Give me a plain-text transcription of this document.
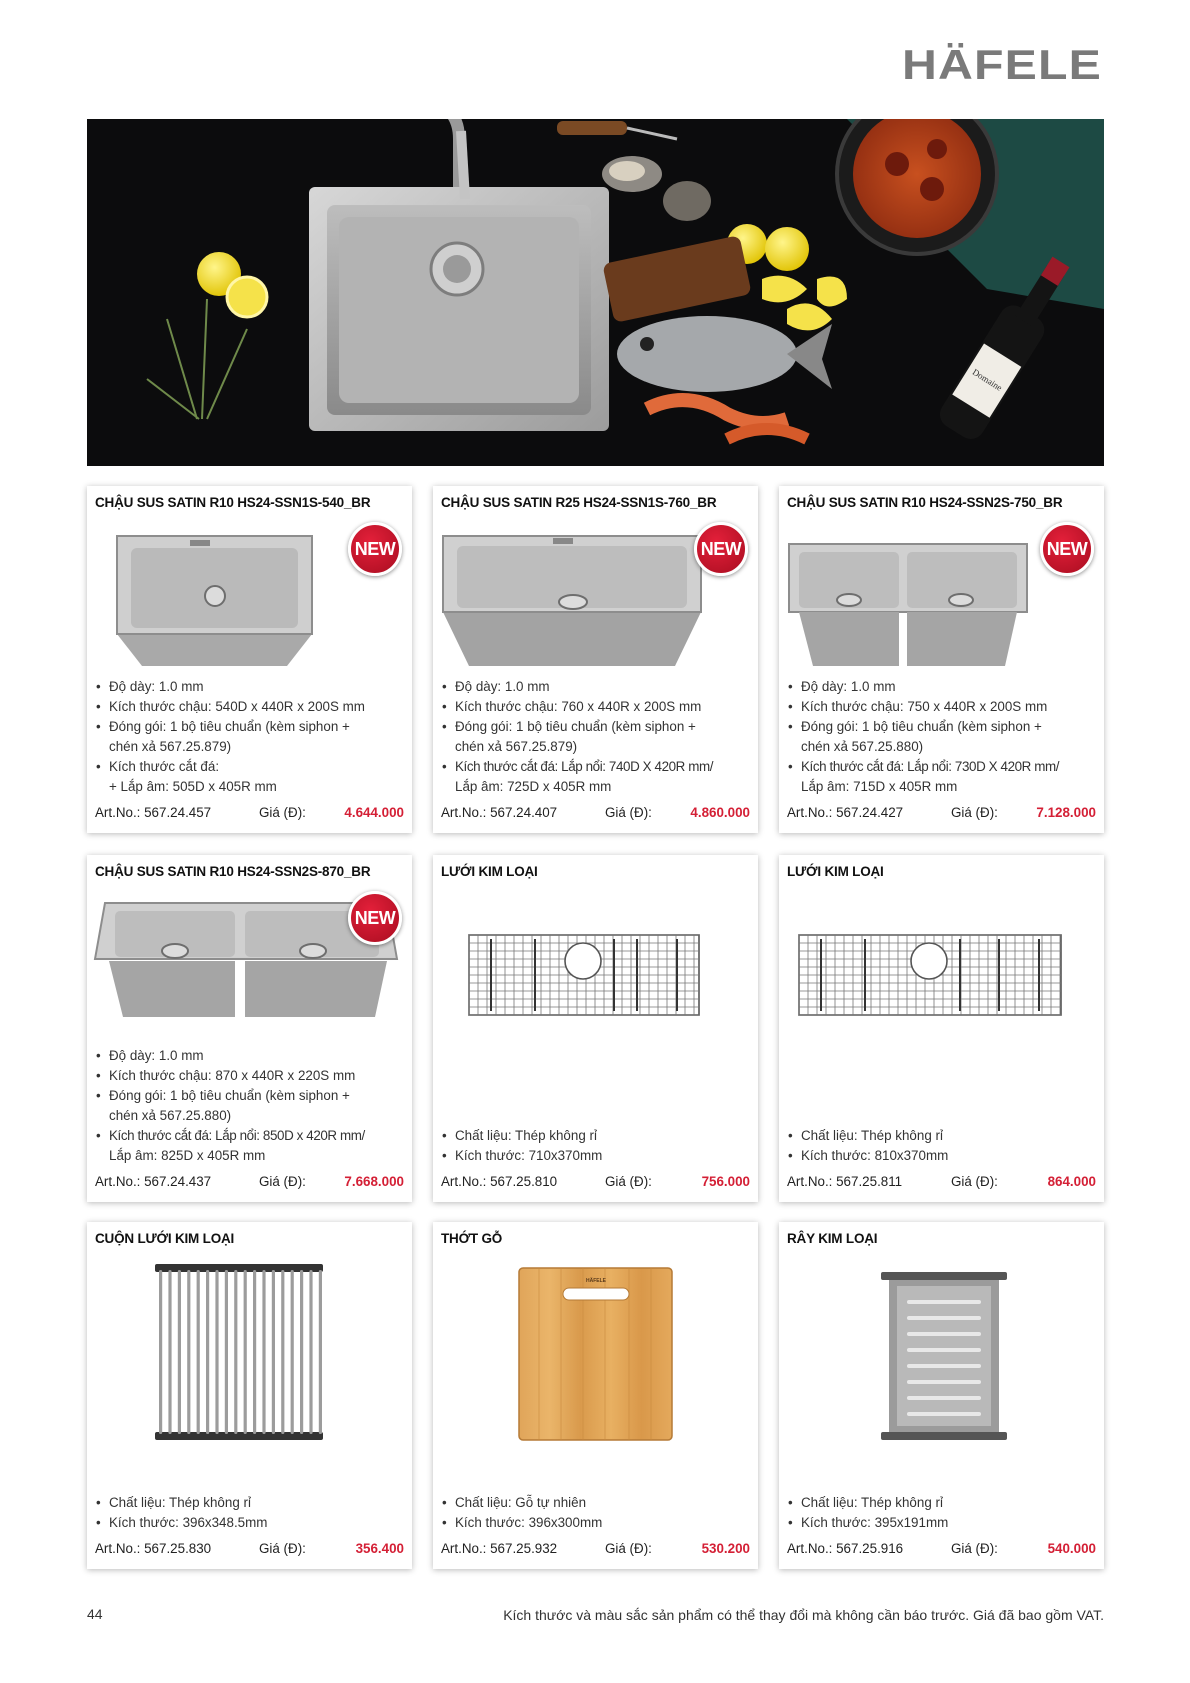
HÄFELE
Domaine
CHẬU SUS SATIN R10 HS24-SSN1S-540_BR
NEW
• Độ dày: 1.0 mm
• Kích thước chậu: 540D x 440R x 200S mm
• Đóng gói: 1 bộ tiêu chuẩn (kèm siphon +
chén xả 567.25.879)
• Kích thước cắt đá:
+ Lắp âm: 505D x 405R mm
Art.No.: 567.24.457	Giá (Đ):	4.644.000
CHẬU SUS SATIN R25 HS24-SSN1S-760_BR
NEW
• Độ dày: 1.0 mm
• Kích thước chậu: 760 x 440R x 200S mm
• Đóng gói: 1 bộ tiêu chuẩn (kèm siphon +
chén xả 567.25.879)
• Kích thước cắt đá: Lắp nổi: 740D X 420R mm/
Lắp âm: 725D x 405R mm
Art.No.: 567.24.407	Giá (Đ):	4.860.000
CHẬU SUS SATIN R10 HS24-SSN2S-750_BR
NEW
• Độ dày: 1.0 mm
• Kích thước chậu: 750 x 440R x 200S mm
• Đóng gói: 1 bộ tiêu chuẩn (kèm siphon +
chén xả 567.25.880)
• Kích thước cắt đá: Lắp nổi: 730D X 420R mm/
Lắp âm: 715D x 405R mm
Art.No.: 567.24.427	Giá (Đ):	7.128.000
CHẬU SUS SATIN R10 HS24-SSN2S-870_BR
NEW
• Độ dày: 1.0 mm
• Kích thước chậu: 870 x 440R x 220S mm
• Đóng gói: 1 bộ tiêu chuẩn (kèm siphon +
chén xả 567.25.880)
• Kích thước cắt đá: Lắp nổi: 850D x 420R mm/
Lắp âm: 825D x 405R mm
Art.No.: 567.24.437	Giá (Đ):	7.668.000
LƯỚI KIM LOẠI
• Chất liệu: Thép không rỉ
• Kích thước: 710x370mm
Art.No.: 567.25.810	Giá (Đ):	756.000
LƯỚI KIM LOẠI
• Chất liệu: Thép không rỉ
• Kích thước: 810x370mm
Art.No.: 567.25.811	Giá (Đ):	864.000
CUỘN LƯỚI KIM LOẠI
• Chất liệu: Thép không rỉ
• Kích thước: 396x348.5mm
Art.No.: 567.25.830	Giá (Đ):	356.400
THỚT GỖ
HÄFELE
• Chất liệu: Gỗ tự nhiên
• Kích thước: 396x300mm
Art.No.: 567.25.932	Giá (Đ):	530.200
RÂY KIM LOẠI
• Chất liệu: Thép không rỉ
• Kích thước: 395x191mm
Art.No.: 567.25.916	Giá (Đ):	540.000
44	Kích thước và màu sắc sản phẩm có thể thay đổi mà không cần báo trước. Giá đã bao gồm VAT.
